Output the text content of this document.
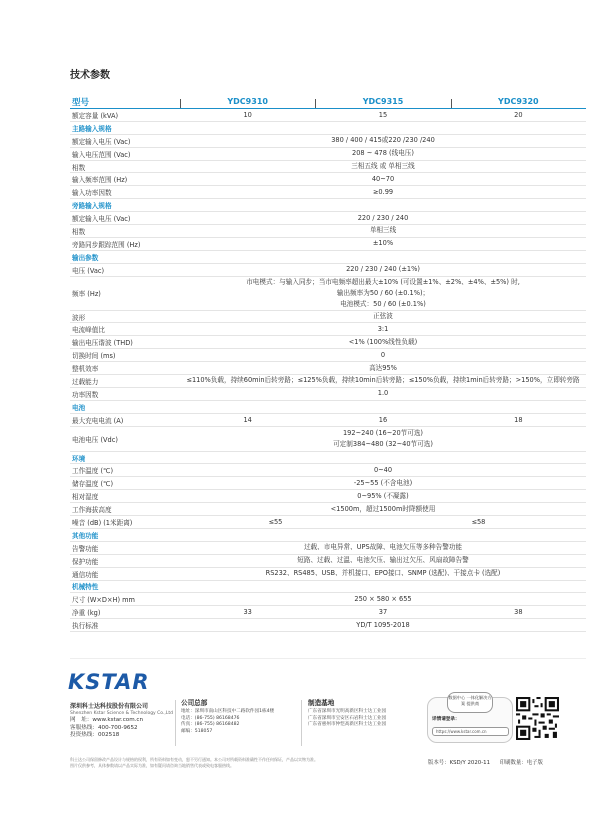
技术参数
型号	YDC9310	YDC9315	YDC9320
额定容量 (kVA)	10	15	20
主路输入规格
额定输入电压 (Vac)	380 / 400 / 415或220 /230 /240
输入电压范围 (Vac)	208 ~ 478 (线电压)
相数	三相五线 或 单相三线
输入频率范围 (Hz)	40~70
输入功率因数	≥0.99
旁路输入规格
额定输入电压 (Vac)	220 / 230 / 240
相数	单相三线
旁路同步跟踪范围 (Hz)	±10%
输出参数
电压 (Vac)	220 / 230 / 240 (±1%)
频率 (Hz)
市电模式：与输入同步；当市电频率超出最大±10% (可设置±1%、±2%、±4%、±5%) 时,
输出频率为50 / 60 (±0.1%)；
电池模式：50 / 60 (±0.1%)
波形	正弦波
电流峰值比	3:1
输出电压谐波 (THD)	<1% (100%线性负载)
切换时间 (ms)	0
整机效率	高达95%
过载能力	≤110%负载，持续60min后转旁路；≤125%负载，持续10min后转旁路；≤150%负载，持续1min后转旁路；>150%，立即转旁路
功率因数	1.0
电池
最大充电电流 (A)	14	16	18
电池电压 (Vdc)
192~240 (16~20节可选)
可定制384~480 (32~40节可选)
环境
工作温度 (℃)	0~40
储存温度 (℃)	-25~55 (不含电池)
相对湿度	0~95% (不凝露)
工作海拔高度	<1500m，超过1500m时降额使用
噪音 (dB) (1米距离)	≤55	≤58
其他功能
告警功能	过载、市电异常、UPS故障、电池欠压等多种告警功能
保护功能	短路、过载、过温、电池欠压、输出过欠压、风扇故障告警
通信功能	RS232、RS485、USB、并机接口、EPO接口、SNMP (选配)、干接点卡 (选配)
机械特性
尺寸 (W×D×H) mm	250 × 580 × 655
净重 (kg)	33	37	38
执行标准	YD/T 1095-2018
KSTAR
深圳科士达科技股份有限公司
Shenzhen Kstar Science & Technology Co.,Ltd
网　址：www.kstar.com.cn
客服热线：400-700-9652
投资热线：002518
公司总部
地址：深圳市南山区科技中二路软件园1栋4楼
电话：(86-755) 86168476
传真：(86-755) 86168482
邮编：518057
制造基地
广东省深圳市光明高新区科士达工业园
广东省深圳市宝安区石岩科士达工业园
广东省惠州市仲恺高新区科士达工业园
数据中心 一体化解决方案 提供商
详情请登录：
https://www.kstar.com.cn
科士达公司保留修改产品设计与规格的权利，所有资料如有变动，恕不另行通知。本公司对所载资料准确性不作任何保证，产品以实物为准。
图片仅供参考，具体参数请以产品实际为准，如有疑问请咨询当地销售代表或致电客服热线。	版本号：KSD/Y 2020-11 印刷数量：电子版
